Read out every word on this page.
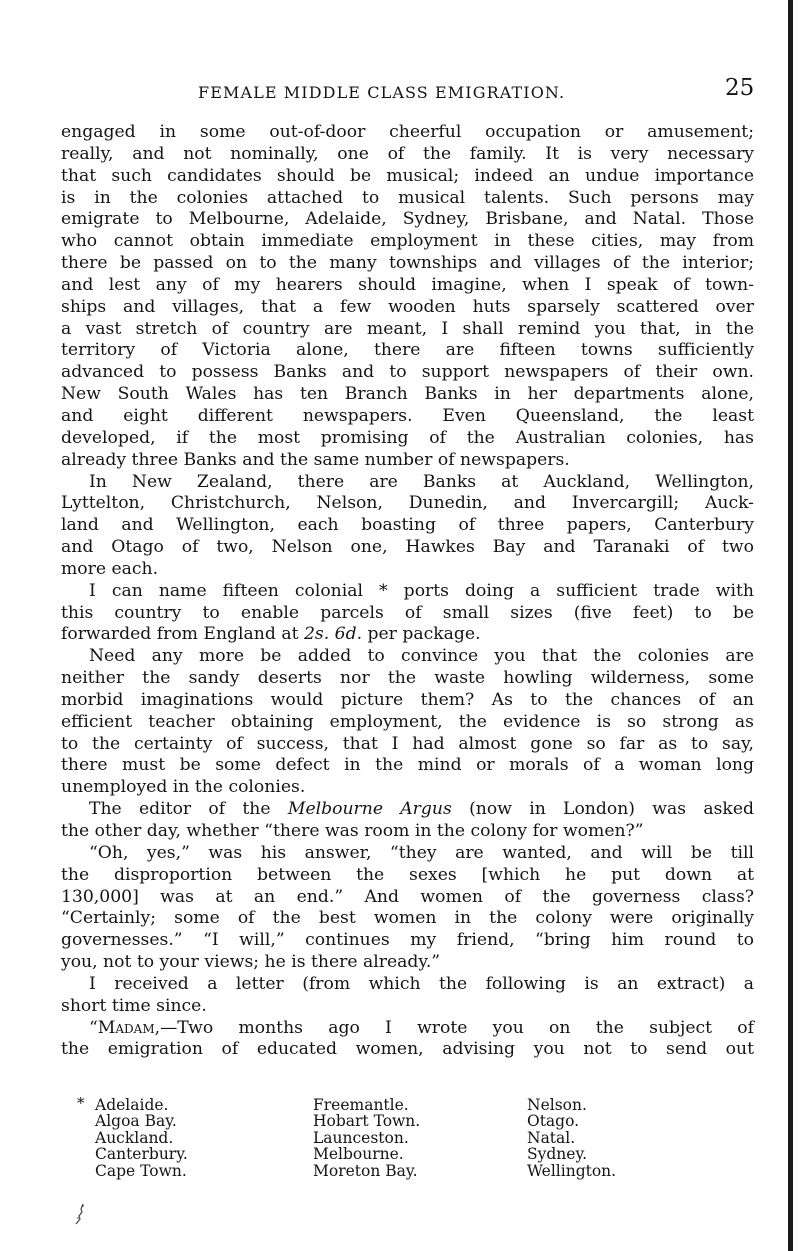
FEMALE MIDDLE CLASS EMIGRATION.	25
engaged in some out-of-door cheerful occupation or amusement;
really, and not nominally, one of the family. It is very necessary
that such candidates should be musical; indeed an undue importance
is in the colonies attached to musical talents. Such persons may
emigrate to Melbourne, Adelaide, Sydney, Brisbane, and Natal. Those
who cannot obtain immediate employment in these cities, may from
there be passed on to the many townships and villages of the interior;
and lest any of my hearers should imagine, when I speak of town-
ships and villages, that a few wooden huts sparsely scattered over
a vast stretch of country are meant, I shall remind you that, in the
territory of Victoria alone, there are fifteen towns sufficiently
advanced to possess Banks and to support newspapers of their own.
New South Wales has ten Branch Banks in her departments alone,
and eight different newspapers. Even Queensland, the least
developed, if the most promising of the Australian colonies, has
already three Banks and the same number of newspapers.
In New Zealand, there are Banks at Auckland, Wellington,
Lyttelton, Christchurch, Nelson, Dunedin, and Invercargill; Auck-
land and Wellington, each boasting of three papers, Canterbury
and Otago of two, Nelson one, Hawkes Bay and Taranaki of two
more each.
I can name fifteen colonial * ports doing a sufficient trade with
this country to enable parcels of small sizes (five feet) to be
forwarded from England at 2s. 6d. per package.
Need any more be added to convince you that the colonies are
neither the sandy deserts nor the waste howling wilderness, some
morbid imaginations would picture them? As to the chances of an
efficient teacher obtaining employment, the evidence is so strong as
to the certainty of success, that I had almost gone so far as to say,
there must be some defect in the mind or morals of a woman long
unemployed in the colonies.
The editor of the Melbourne Argus (now in London) was asked
the other day, whether “there was room in the colony for women?”
“Oh, yes,” was his answer, “they are wanted, and will be till
the disproportion between the sexes [which he put down at
130,000] was at an end.” And women of the governess class?
“Certainly; some of the best women in the colony were originally
governesses.” “I will,” continues my friend, “bring him round to
you, not to your views; he is there already.”
I received a letter (from which the following is an extract) a
short time since.
“Madam,—Two months ago I wrote you on the subject of
the emigration of educated women, advising you not to send out
* Adelaide.
Algoa Bay.
Auckland.
Canterbury.
Cape Town.
Freemantle.
Hobart Town.
Launceston.
Melbourne.
Moreton Bay.
Nelson.
Otago.
Natal.
Sydney.
Wellington.
